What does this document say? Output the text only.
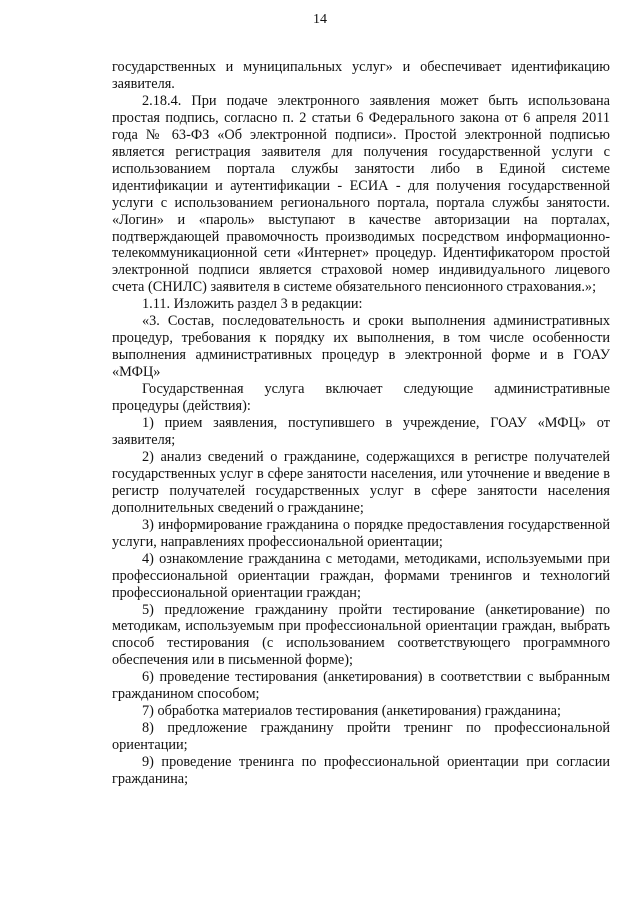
14

государственных и муниципальных услуг» и обеспечивает идентификацию заявителя.

2.18.4. При подаче электронного заявления может быть использована простая подпись, согласно п. 2 статьи 6 Федерального закона от 6 апреля 2011 года № 63-ФЗ «Об электронной подписи». Простой электронной подписью является регистрация заявителя для получения государственной услуги с использованием портала службы занятости либо в Единой системе идентификации и аутентификации - ЕСИА - для получения государственной услуги с использованием регионального портала, портала службы занятости. «Логин» и «пароль» выступают в качестве авторизации на порталах, подтверждающей правомочность производимых посредством информационно-телекоммуникационной сети «Интернет» процедур. Идентификатором простой электронной подписи является страховой номер индивидуального лицевого счета (СНИЛС) заявителя в системе обязательного пенсионного страхования.»;

1.11. Изложить раздел 3 в редакции:

«3. Состав, последовательность и сроки выполнения административных процедур, требования к порядку их выполнения, в том числе особенности выполнения административных процедур в электронной форме и в ГОАУ «МФЦ»

Государственная услуга включает следующие административные процедуры (действия):

1) прием заявления, поступившего в учреждение, ГОАУ «МФЦ» от заявителя;

2) анализ сведений о гражданине, содержащихся в регистре получателей государственных услуг в сфере занятости населения, или уточнение и введение в регистр получателей государственных услуг в сфере занятости населения дополнительных сведений о гражданине;

3) информирование гражданина о порядке предоставления государственной услуги, направлениях профессиональной ориентации;

4) ознакомление гражданина с методами, методиками, используемыми при профессиональной ориентации граждан, формами тренингов и технологий профессиональной ориентации граждан;

5) предложение гражданину пройти тестирование (анкетирование) по методикам, используемым при профессиональной ориентации граждан, выбрать способ тестирования (с использованием соответствующего программного обеспечения или в письменной форме);

6) проведение тестирования (анкетирования) в соответствии с выбранным гражданином способом;

7) обработка материалов тестирования (анкетирования) гражданина;

8) предложение гражданину пройти тренинг по профессиональной ориентации;

9) проведение тренинга по профессиональной ориентации при согласии гражданина;
